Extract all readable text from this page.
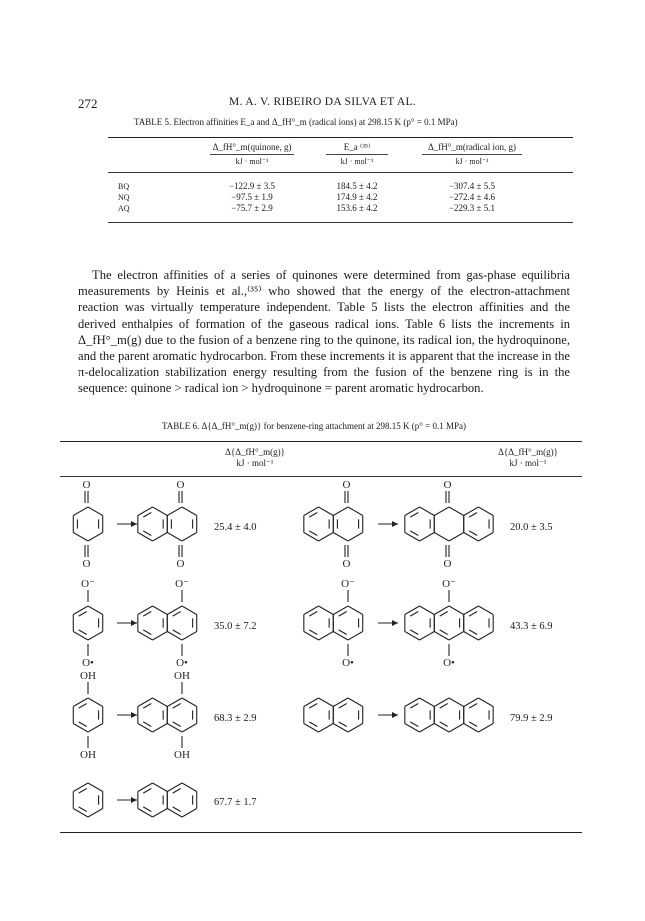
272	M. A. V. RIBEIRO DA SILVA ET AL.
TABLE 5. Electron affinities E_a and Δ_fH°_m (radical ions) at 298.15 K (p° = 0.1 MPa)
Δ_fH°_m(quinone, g)
kJ · mol⁻¹
E_a ⁽³⁵⁾
kJ · mol⁻¹
Δ_fH°_m(radical ion, g)
kJ · mol⁻¹
BQ	−122.9 ± 3.5	184.5 ± 4.2	−307.4 ± 5.5
NQ	−97.5 ± 1.9	174.9 ± 4.2	−272.4 ± 4.6
AQ	−75.7 ± 2.9	153.6 ± 4.2	−229.3 ± 5.1

The electron affinities of a series of quinones were determined from gas-phase equilibria measurements by Heinis et al.,⁽³⁵⁾ who showed that the energy of the electron-attachment reaction was virtually temperature independent. Table 5 lists the electron affinities and the derived enthalpies of formation of the gaseous radical ions. Table 6 lists the increments in Δ_fH°_m(g) due to the fusion of a benzene ring to the quinone, its radical ion, the hydroquinone, and the parent aromatic hydrocarbon. From these increments it is apparent that the increase in the π-delocalization stabilization energy resulting from the fusion of the benzene ring is in the sequence: quinone > radical ion > hydroquinone = parent aromatic hydrocarbon.

TABLE 6. Δ{Δ_fH°_m(g)} for benzene-ring attachment at 298.15 K (p° = 0.1 MPa)
Δ{Δ_fH°_m(g)}
kJ · mol⁻¹
Δ{Δ_fH°_m(g)}
kJ · mol⁻¹
25.4 ± 4.0	20.0 ± 3.5
35.0 ± 7.2	43.3 ± 6.9
68.3 ± 2.9	79.9 ± 2.9
67.7 ± 1.7
O
O
O
O
O
O
O
O
O⁻
O•
O⁻
O•
O⁻
O•
O⁻
O•
OH
OH
OH
OH
